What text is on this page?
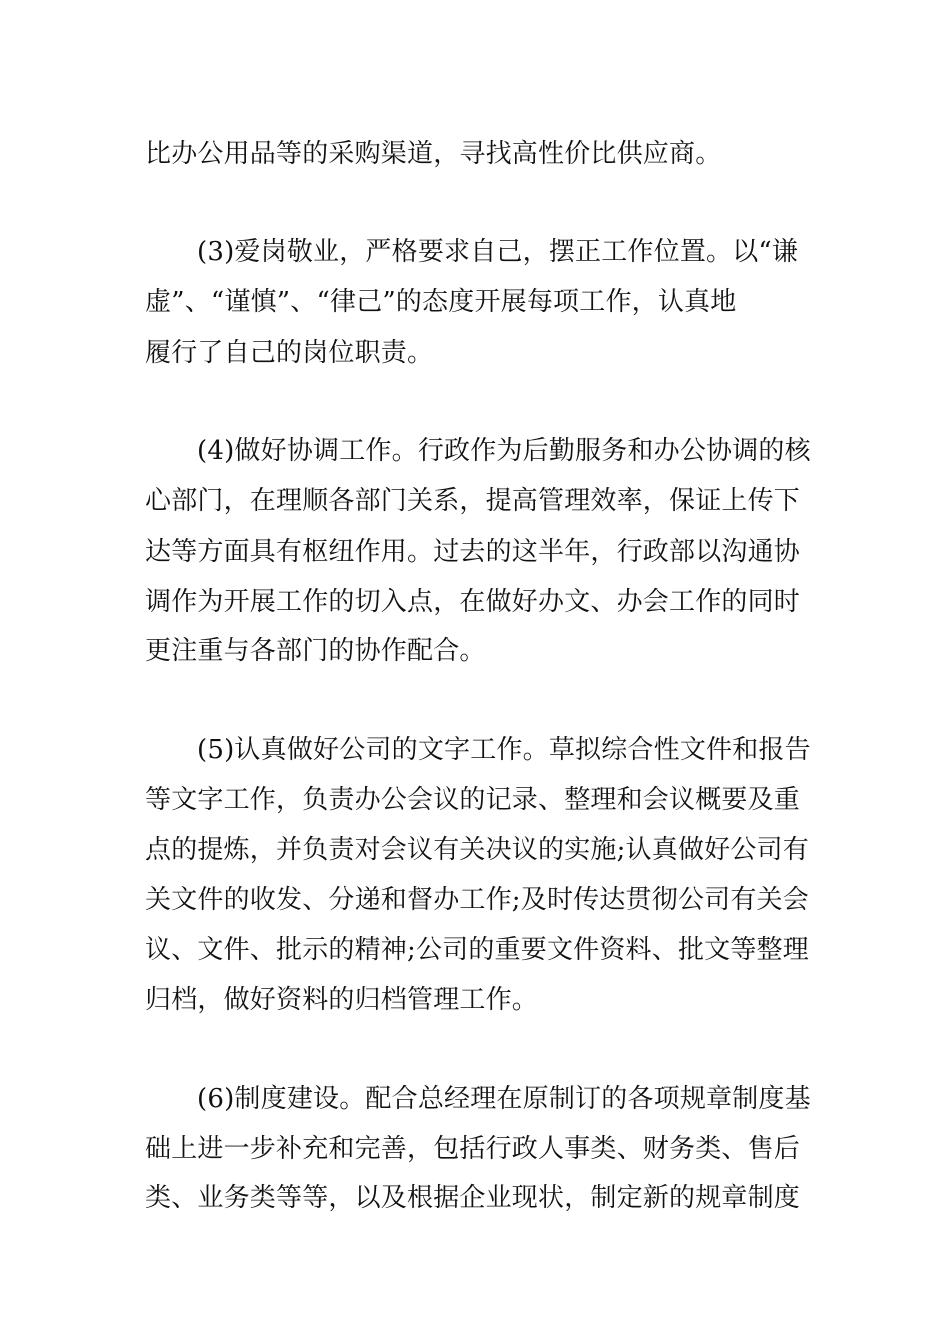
比办公用品等的采购渠道，寻找高性价比供应商。
(3)爱岗敬业，严格要求自己，摆正工作位置。以“谦
虚”、“谨慎”、“律己”的态度开展每项工作，认真地
履行了自己的岗位职责。
(4)做好协调工作。行政作为后勤服务和办公协调的核
心部门，在理顺各部门关系，提高管理效率，保证上传下
达等方面具有枢纽作用。过去的这半年，行政部以沟通协
调作为开展工作的切入点，在做好办文、办会工作的同时
更注重与各部门的协作配合。
(5)认真做好公司的文字工作。草拟综合性文件和报告
等文字工作，负责办公会议的记录、整理和会议概要及重
点的提炼，并负责对会议有关决议的实施;认真做好公司有
关文件的收发、分递和督办工作;及时传达贯彻公司有关会
议、文件、批示的精神;公司的重要文件资料、批文等整理
归档，做好资料的归档管理工作。
(6)制度建设。配合总经理在原制订的各项规章制度基
础上进一步补充和完善，包括行政人事类、财务类、售后
类、业务类等等，以及根据企业现状，制定新的规章制度
